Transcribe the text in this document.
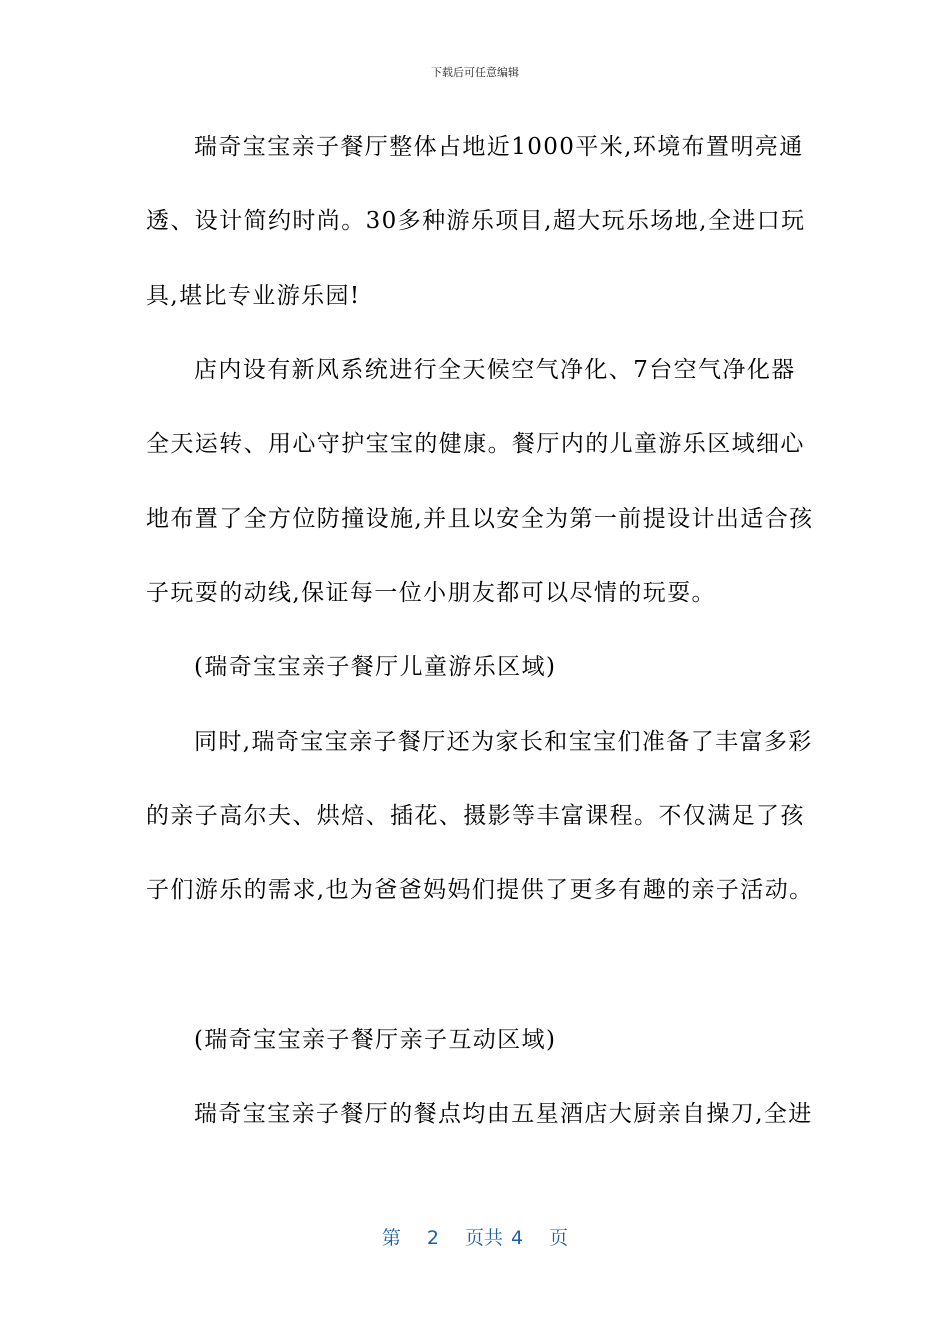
下载后可任意编辑
瑞奇宝宝亲子餐厅整体占地近1000平米,环境布置明亮通
透、设计简约时尚。30多种游乐项目,超大玩乐场地,全进口玩
具,堪比专业游乐园!
店内设有新风系统进行全天候空气净化、7台空气净化器
全天运转、用心守护宝宝的健康。餐厅内的儿童游乐区域细心
地布置了全方位防撞设施,并且以安全为第一前提设计出适合孩
子玩耍的动线,保证每一位小朋友都可以尽情的玩耍。
(瑞奇宝宝亲子餐厅儿童游乐区域)
同时,瑞奇宝宝亲子餐厅还为家长和宝宝们准备了丰富多彩
的亲子高尔夫、烘焙、插花、摄影等丰富课程。不仅满足了孩
子们游乐的需求,也为爸爸妈妈们提供了更多有趣的亲子活动。
(瑞奇宝宝亲子餐厅亲子互动区域)
瑞奇宝宝亲子餐厅的餐点均由五星酒店大厨亲自操刀,全进
第 2 页共 4 页
